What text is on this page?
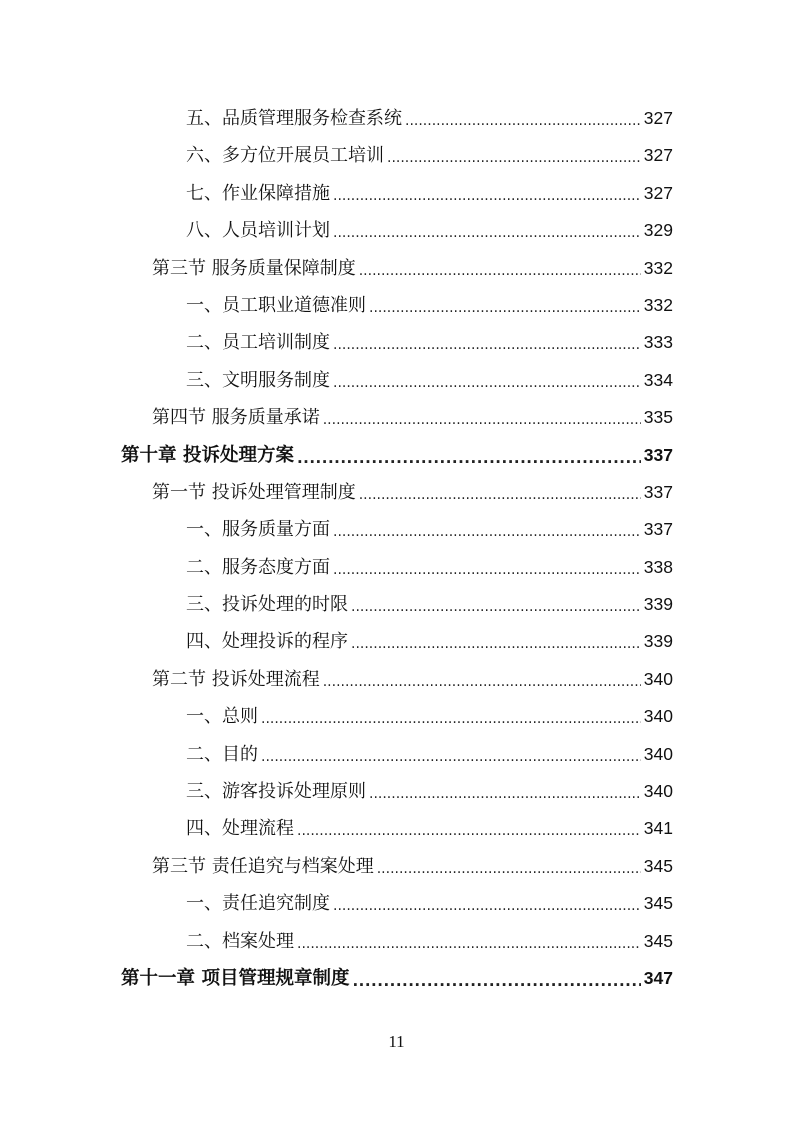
五、品质管理服务检查系统 .....	327
六、多方位开展员工培训 .....	327
七、作业保障措施 .....	327
八、人员培训计划 .....	329
第三节 服务质量保障制度 .....	332
一、员工职业道德准则 .....	332
二、员工培训制度 .....	333
三、文明服务制度 .....	334
第四节 服务质量承诺 .....	335
第十章 投诉处理方案 .....	337
第一节 投诉处理管理制度 .....	337
一、服务质量方面 .....	337
二、服务态度方面 .....	338
三、投诉处理的时限 .....	339
四、处理投诉的程序 .....	339
第二节 投诉处理流程 .....	340
一、总则 .....	340
二、目的 .....	340
三、游客投诉处理原则 .....	340
四、处理流程 .....	341
第三节 责任追究与档案处理 .....	345
一、责任追究制度 .....	345
二、档案处理 .....	345
第十一章 项目管理规章制度 .....	347
11
